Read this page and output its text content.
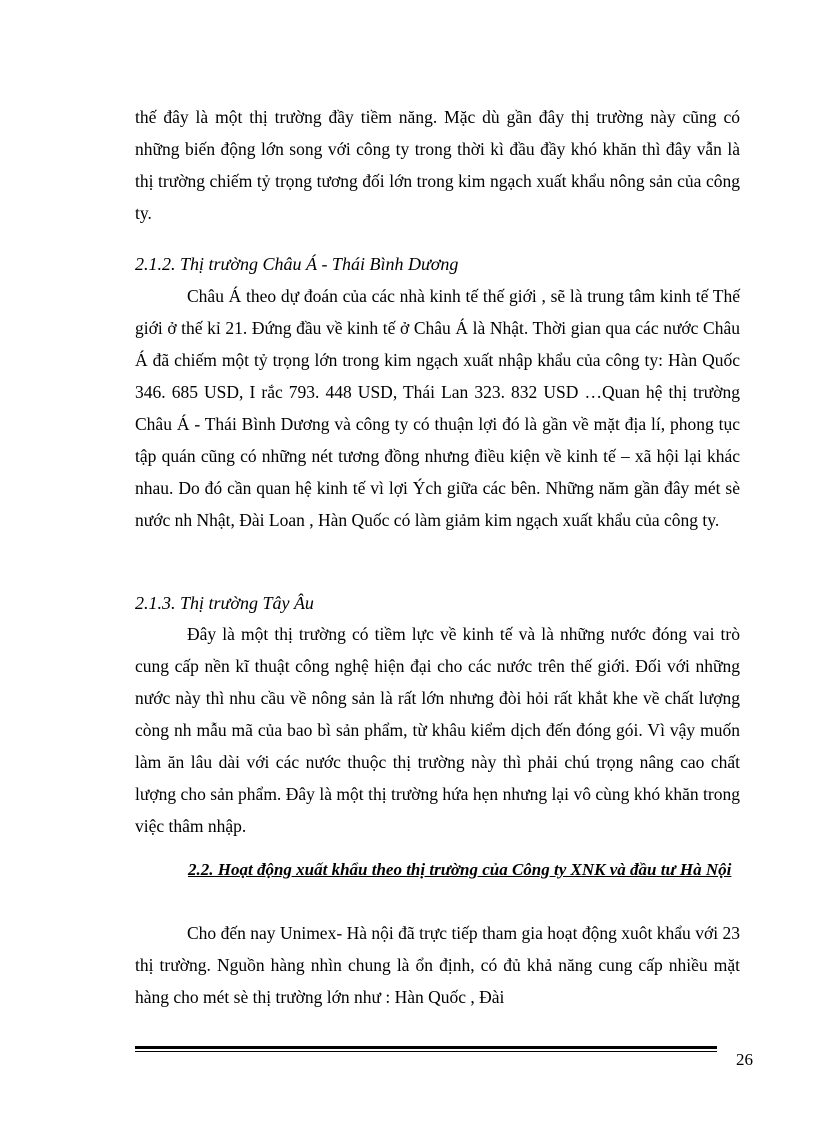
thế đây là một thị trường đầy tiềm năng. Mặc dù gần đây thị trường này cũng có những biến động lớn song với công ty trong thời kì đầu đầy khó khăn thì đây vẫn là thị trường chiếm tỷ trọng tương đối lớn trong kim ngạch xuất khẩu nông sản của công ty.

2.1.2. Thị trường Châu Á - Thái Bình Dương

Châu Á theo dự đoán của các nhà kinh tế thế giới , sẽ là trung tâm kinh tế Thế giới ở thế kỉ 21. Đứng đầu về kinh tế ở Châu Á là Nhật. Thời gian qua các nước Châu Á đã chiếm một tỷ trọng lớn trong kim ngạch xuất nhập khẩu của công ty: Hàn Quốc 346. 685 USD, I rắc 793. 448 USD, Thái Lan 323. 832 USD …Quan hệ thị trường Châu Á - Thái Bình Dương và công ty có thuận lợi đó là gần về mặt địa lí, phong tục tập quán cũng có những nét tương đồng nhưng điều kiện về kinh tế – xã hội lại khác nhau. Do đó cần quan hệ kinh tế vì lợi Ých giữa các bên. Những năm gần đây mét sè nước nh Nhật, Đài Loan , Hàn Quốc có làm giảm kim ngạch xuất khẩu của công ty.

2.1.3. Thị trường Tây Âu

Đây là một thị trường có tiềm lực về kinh tế và là những nước đóng vai trò cung cấp nền kĩ thuật công nghệ hiện đại cho các nước trên thế giới. Đối với những nước này thì nhu cầu về nông sản là rất lớn nhưng đòi hỏi rất khắt khe về chất lượng còng nh mẫu mã của bao bì sản phẩm, từ khâu kiểm dịch đến đóng gói. Vì vậy muốn làm ăn lâu dài với các nước thuộc thị trường này thì phải chú trọng nâng cao chất lượng cho sản phẩm. Đây là một thị trường hứa hẹn nhưng lại vô cùng khó khăn trong việc thâm nhập.

2.2. Hoạt động xuất khẩu theo thị trường của Công ty XNK và đầu tư Hà Nội

Cho đến nay Unimex- Hà nội đã trực tiếp tham gia hoạt động xuôt khẩu với 23 thị trường. Nguồn hàng nhìn chung là ổn định, có đủ khả năng cung cấp nhiều mặt hàng cho mét sè thị trường lớn như : Hàn Quốc , Đài

26
